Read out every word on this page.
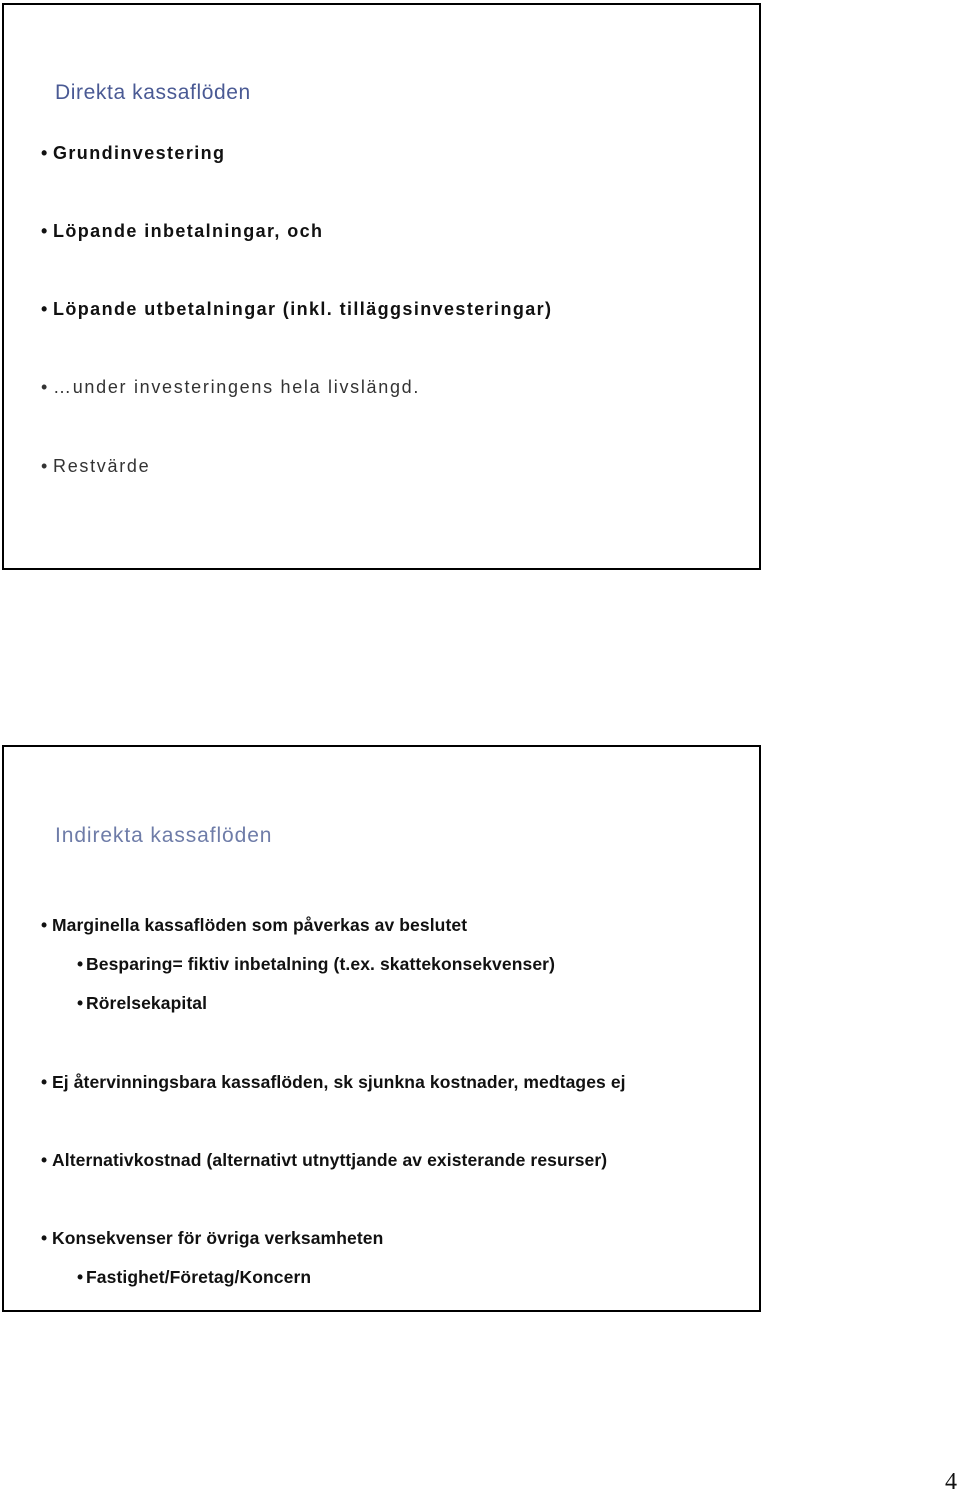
Direkta kassaflöden
• Grundinvestering
• Löpande inbetalningar, och
• Löpande utbetalningar (inkl. tilläggsinvesteringar)
• …under investeringens hela livslängd.
• Restvärde
Indirekta kassaflöden
• Marginella kassaflöden som påverkas av beslutet
• Besparing= fiktiv inbetalning (t.ex. skattekonsekvenser)
• Rörelsekapital
• Ej återvinningsbara kassaflöden, sk sjunkna kostnader, medtages ej
• Alternativkostnad (alternativt utnyttjande av existerande resurser)
• Konsekvenser för övriga verksamheten
• Fastighet/Företag/Koncern
4
